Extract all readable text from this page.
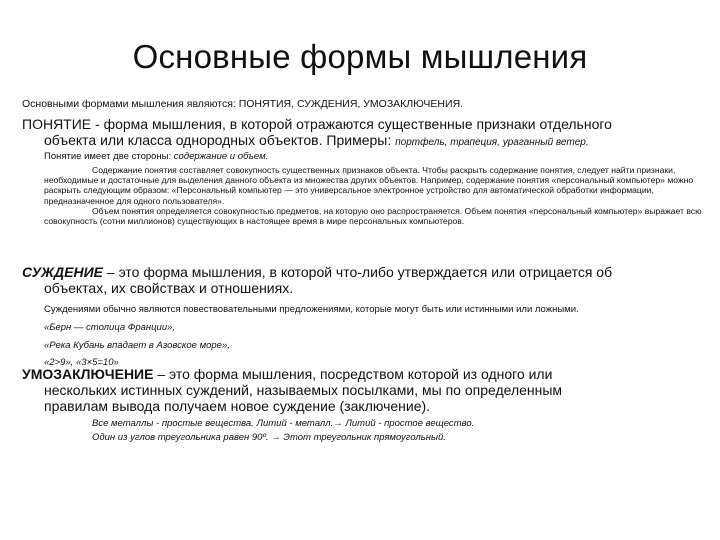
Основные формы мышления
Основными формами мышления являются: ПОНЯТИЯ, СУЖДЕНИЯ, УМОЗАКЛЮЧЕНИЯ.

ПОНЯТИЕ - форма мышления, в которой отражаются существенные признаки отдельного
объекта или класса однородных объектов. Примеры: портфель, трапеция, ураганный ветер.

Понятие имеет две стороны: содержание и объем.

Содержание понятия составляет совокупность существенных признаков объекта. Чтобы раскрыть содержание понятия, следует найти признаки, необходимые и достаточные для выделения данного объекта из множества других объектов. Например, содержание понятия «персональный компьютер» можно раскрыть следующим образом: «Персональный компьютер — это универсальное электронное устройство для автоматической обработки информации, предназначенное для одного пользователя».

Объем понятия определяется совокупностью предметов, на которую оно распространяется. Объем понятия «персональный компьютер» выражает всю совокупность (сотни миллионов) существующих в настоящее время в мире персональных компьютеров.

СУЖДЕНИЕ – это форма мышления, в которой что-либо утверждается или отрицается об
объектах, их свойствах и отношениях.

Суждениями обычно являются повествовательными предложениями, которые могут быть или истинными или ложными.

«Берн — столица Франции»,

«Река Кубань впадает в Азовское море»,

«2>9», «3×5=10»

УМОЗАКЛЮЧЕНИЕ – это форма мышления, посредством которой из одного или
нескольких истинных суждений, называемых посылками, мы по определенным
правилам вывода получаем новое суждение (заключение).

Все металлы - простые вещества. Литий - металл.→ Литий - простое вещество.

Один из углов треугольника равен 90º. → Этот треугольник прямоугольный.
